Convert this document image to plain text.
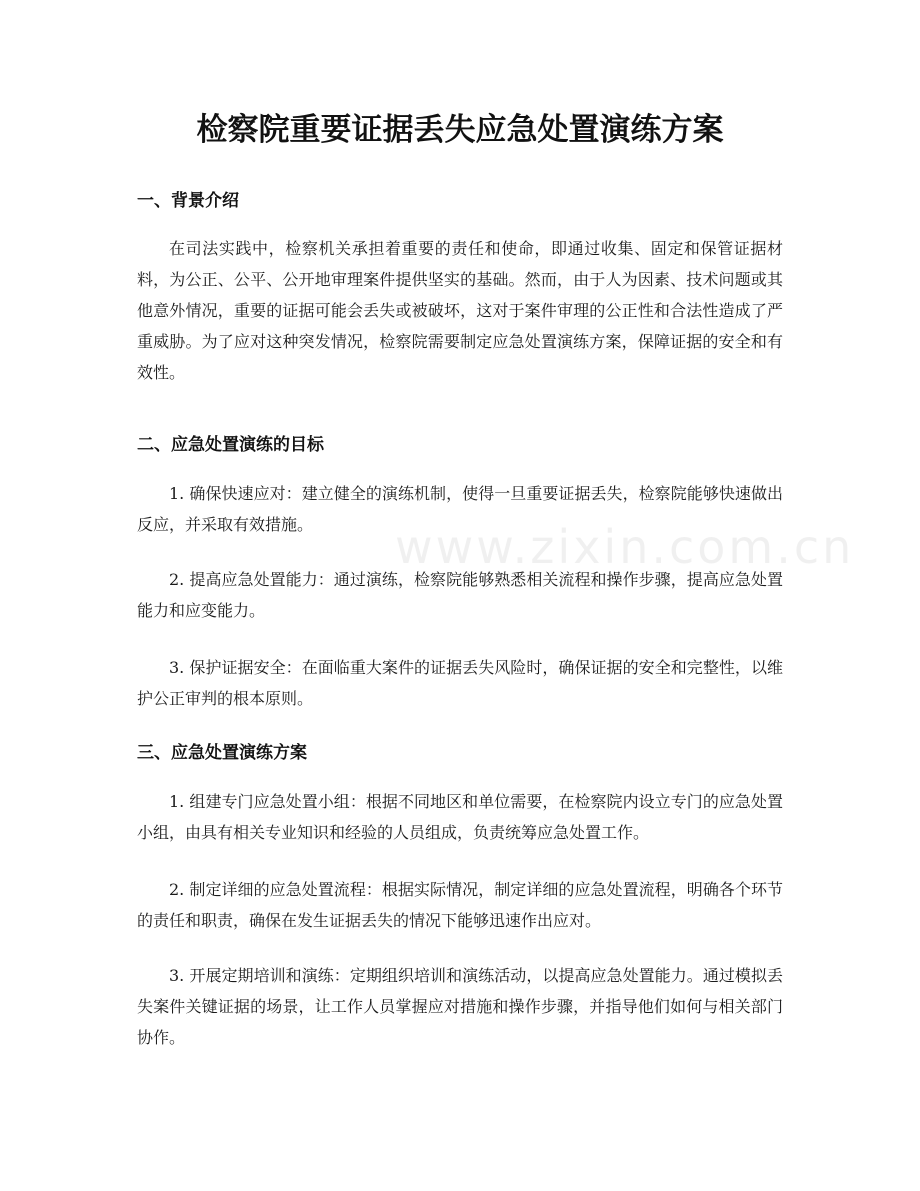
检察院重要证据丢失应急处置演练方案
www.zixin.com.cn
一、背景介绍

在司法实践中，检察机关承担着重要的责任和使命，即通过收集、固定和保管证据材料，为公正、公平、公开地审理案件提供坚实的基础。然而，由于人为因素、技术问题或其他意外情况，重要的证据可能会丢失或被破坏，这对于案件审理的公正性和合法性造成了严重威胁。为了应对这种突发情况，检察院需要制定应急处置演练方案，保障证据的安全和有效性。

二、应急处置演练的目标

1. 确保快速应对：建立健全的演练机制，使得一旦重要证据丢失，检察院能够快速做出反应，并采取有效措施。

2. 提高应急处置能力：通过演练，检察院能够熟悉相关流程和操作步骤，提高应急处置能力和应变能力。

3. 保护证据安全：在面临重大案件的证据丢失风险时，确保证据的安全和完整性，以维护公正审判的根本原则。

三、应急处置演练方案

1. 组建专门应急处置小组：根据不同地区和单位需要，在检察院内设立专门的应急处置小组，由具有相关专业知识和经验的人员组成，负责统筹应急处置工作。

2. 制定详细的应急处置流程：根据实际情况，制定详细的应急处置流程，明确各个环节的责任和职责，确保在发生证据丢失的情况下能够迅速作出应对。

3. 开展定期培训和演练：定期组织培训和演练活动，以提高应急处置能力。通过模拟丢失案件关键证据的场景，让工作人员掌握应对措施和操作步骤，并指导他们如何与相关部门协作。
